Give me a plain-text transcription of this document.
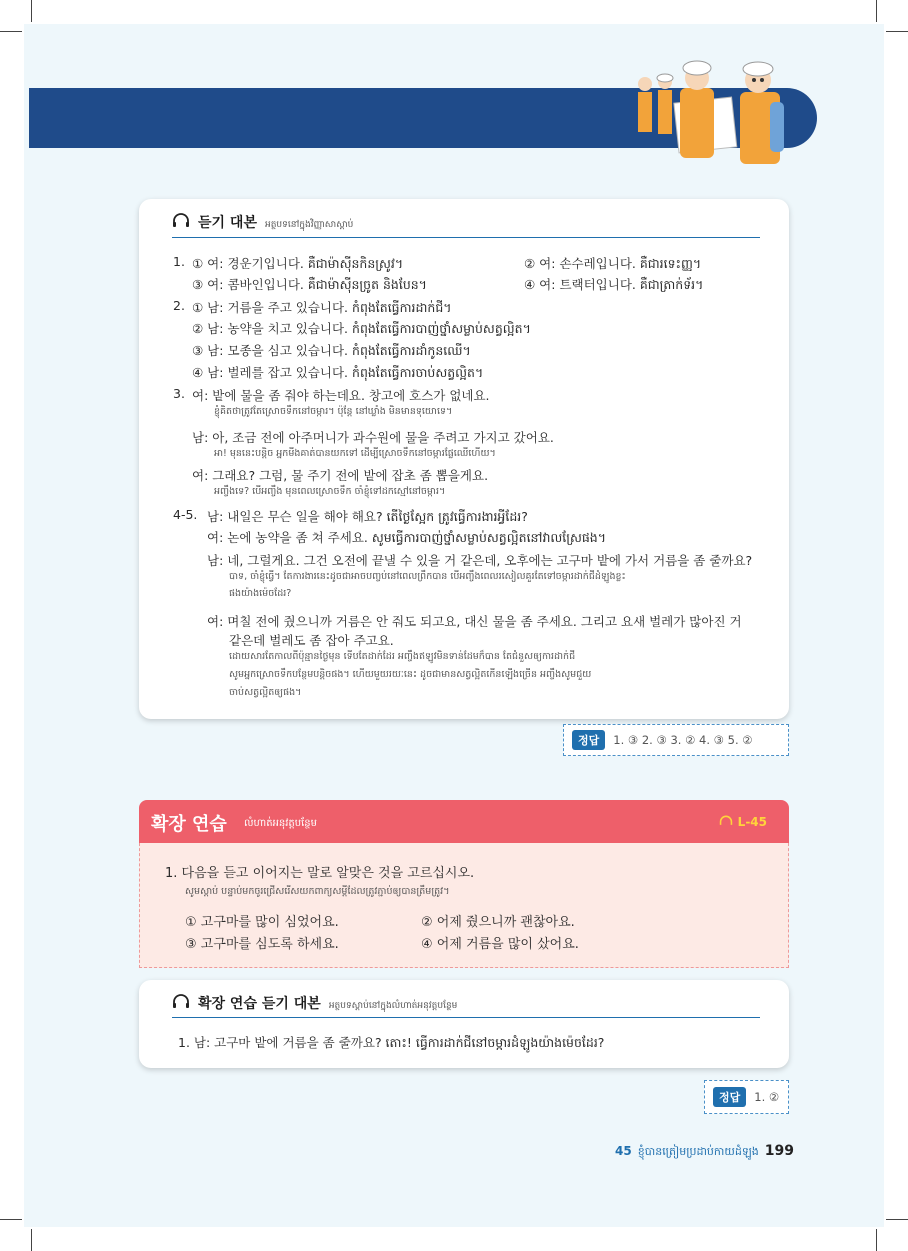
듣기 대본 អត្ថបទនៅក្នុងវិញ្ញាសាស្ដាប់
1. ① 여: 경운기입니다. គឺជាម៉ាស៊ីនកិនស្រូវ។	② 여: 손수레입니다. គឺជារទេះញ្ញ។
③ 여: 콤바인입니다. គឺជាម៉ាស៊ីនច្រូត និងបែន។	④ 여: 트랙터입니다. គឺជាត្រាក់ទ័រ។
2. ① 남: 거름을 주고 있습니다. កំពុងតែធ្វើការដាក់ជី។
② 남: 농약을 치고 있습니다. កំពុងតែធ្វើការបាញ់ថ្នាំសម្លាប់សត្វល្អិត។
③ 남: 모종을 심고 있습니다. កំពុងតែធ្វើការដាំកូនឈើ។
④ 남: 벌레를 잡고 있습니다. កំពុងតែធ្វើការចាប់សត្វល្អិត។
3. 여: 밭에 물을 좀 줘야 하는데요. 창고에 호스가 없네요.
ខ្ញុំគិតថាត្រូវតែស្រោចទឹកនៅចម្ការ។ ប៉ុន្តែ នៅឃ្លាំង មិនមានទុយោទេ។
남: 아, 조금 전에 아주머니가 과수원에 물을 주려고 가지고 갔어요.
អា! មុននេះបន្តិច អ្នកមីងគាត់បានយកទៅ ដើម្បីស្រោចទឹកនៅចម្ការផ្លែឈើហើយ។
여: 그래요? 그럼, 물 주기 전에 밭에 잡초 좀 뽑을게요.
អញ្ចឹងទេ? បើអញ្ចឹង មុនពេលស្រោចទឹក ចាំខ្ញុំទៅដកស្មៅនៅចម្ការ។
4-5. 남: 내일은 무슨 일을 해야 해요? តើថ្ងៃស្អែក ត្រូវធ្វើការងារអ្វីដែរ?
여: 논에 농약을 좀 쳐 주세요. សូមធ្វើការបាញ់ថ្នាំសម្លាប់សត្វល្អិតនៅវាលស្រែផង។
남: 네, 그럴게요. 그건 오전에 끝낼 수 있을 거 같은데, 오후에는 고구마 밭에 가서 거름을 좀 줄까요?
បាទ, ចាំខ្ញុំធ្វើ។ តែការងារនេះដូចជាអាចបញ្ចប់នៅពេលព្រឹកបាន បើអញ្ចឹងពេលរសៀលគួរតែទៅចម្ការដាក់ជីដំឡូងខ្លះ
ផងយ៉ាងម៉េចដែរ?
여: 며칠 전에 줬으니까 거름은 안 줘도 되고요, 대신 물을 좀 주세요. 그리고 요새 벌레가 많아진 거
같은데 벌레도 좀 잡아 주고요.
ដោយសារតែកាលពីប៉ុន្មានថ្ងៃមុន ទើបតែដាក់ដែរ អញ្ចឹងឥឡូវមិនទាន់ដែមក៏បាន តែជំនួសឲ្យការដាក់ជី
សូមអ្នកស្រោចទឹកបន្ថែមបន្តិចផង។ ហើយមួយរយៈនេះ ដូចជាមានសត្វល្អិតកើនឡើងច្រើន អញ្ចឹងសូមជួយ
ចាប់សត្វល្អិតឲ្យផង។
정답	1. ③ 2. ③ 3. ② 4. ③ 5. ②
확장 연습 លំហាត់អនុវត្តបន្ថែម	L-45
1. 다음을 듣고 이어지는 말로 알맞은 것을 고르십시오.
សូមស្ដាប់ បន្ទាប់មកចូរជ្រើសរើសយកពាក្យសម្ដីដែលត្រូវភ្ជាប់ឲ្យបានត្រឹមត្រូវ។
① 고구마를 많이 심었어요.	② 어제 줬으니까 괜찮아요.
③ 고구마를 심도록 하세요.	④ 어제 거름을 많이 샀어요.
확장 연습 듣기 대본 អត្ថបទស្ដាប់នៅក្នុងលំហាត់អនុវត្តបន្ថែម
1. 남: 고구마 밭에 거름을 좀 줄까요? តោះ! ធ្វើការដាក់ជីនៅចម្ការដំឡូងយ៉ាងម៉េចដែរ?
정답	1. ②
45 ខ្ញុំបានត្រៀមប្រដាប់កាយដំឡូង 199
